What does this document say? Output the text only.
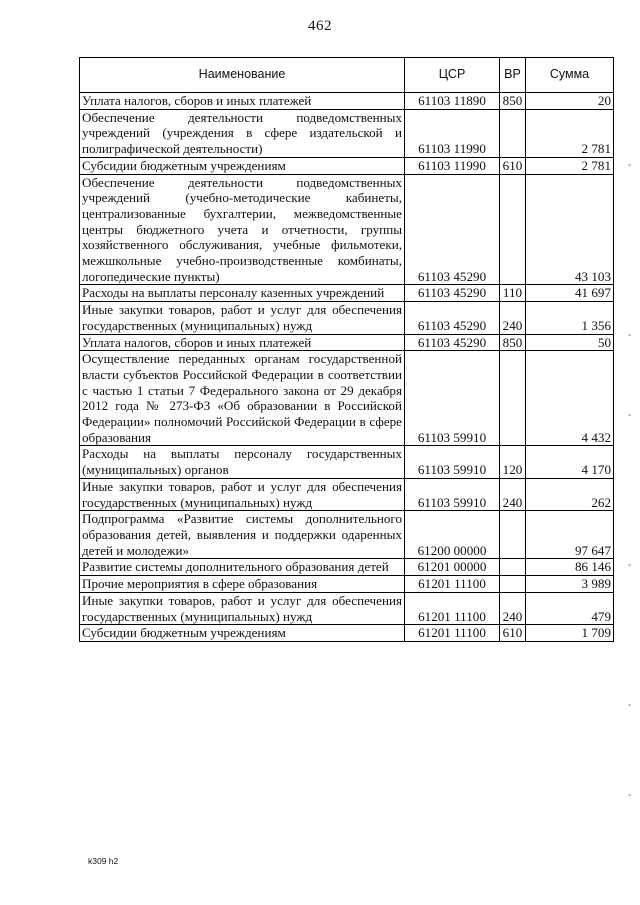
462
Наименование	ЦСР	ВР	Сумма
Уплата налогов, сборов и иных платежей	61103 11890	850	20
Обеспечение деятельности подведомственных учреждений (учреждения в сфере издательской и полиграфической деятельности)	61103 11990		2 781
Субсидии бюджетным учреждениям	61103 11990	610	2 781
Обеспечение деятельности подведомственных учреждений (учебно-методические кабинеты, централизованные бухгалтерии, межведомственные центры бюджетного учета и отчетности, группы хозяйственного обслуживания, учебные фильмотеки, межшкольные учебно-производственные комбинаты, логопедические пункты)	61103 45290		43 103
Расходы на выплаты персоналу казенных учреждений	61103 45290	110	41 697
Иные закупки товаров, работ и услуг для обеспечения государственных (муниципальных) нужд	61103 45290	240	1 356
Уплата налогов, сборов и иных платежей	61103 45290	850	50
Осуществление переданных органам государственной власти субъектов Российской Федерации в соответствии с частью 1 статьи 7 Федерального закона от 29 декабря 2012 года № 273-ФЗ «Об образовании в Российской Федерации» полномочий Российской Федерации в сфере образования	61103 59910		4 432
Расходы на выплаты персоналу государственных (муниципальных) органов	61103 59910	120	4 170
Иные закупки товаров, работ и услуг для обеспечения государственных (муниципальных) нужд	61103 59910	240	262
Подпрограмма «Развитие системы дополнительного образования детей, выявления и поддержки одаренных детей и молодежи»	61200 00000		97 647
Развитие системы дополнительного образования детей	61201 00000		86 146
Прочие мероприятия в сфере образования	61201 11100		3 989
Иные закупки товаров, работ и услуг для обеспечения государственных (муниципальных) нужд	61201 11100	240	479
Субсидии бюджетным учреждениям	61201 11100	610	1 709
-
-
-
-
-
-
k309 h2
